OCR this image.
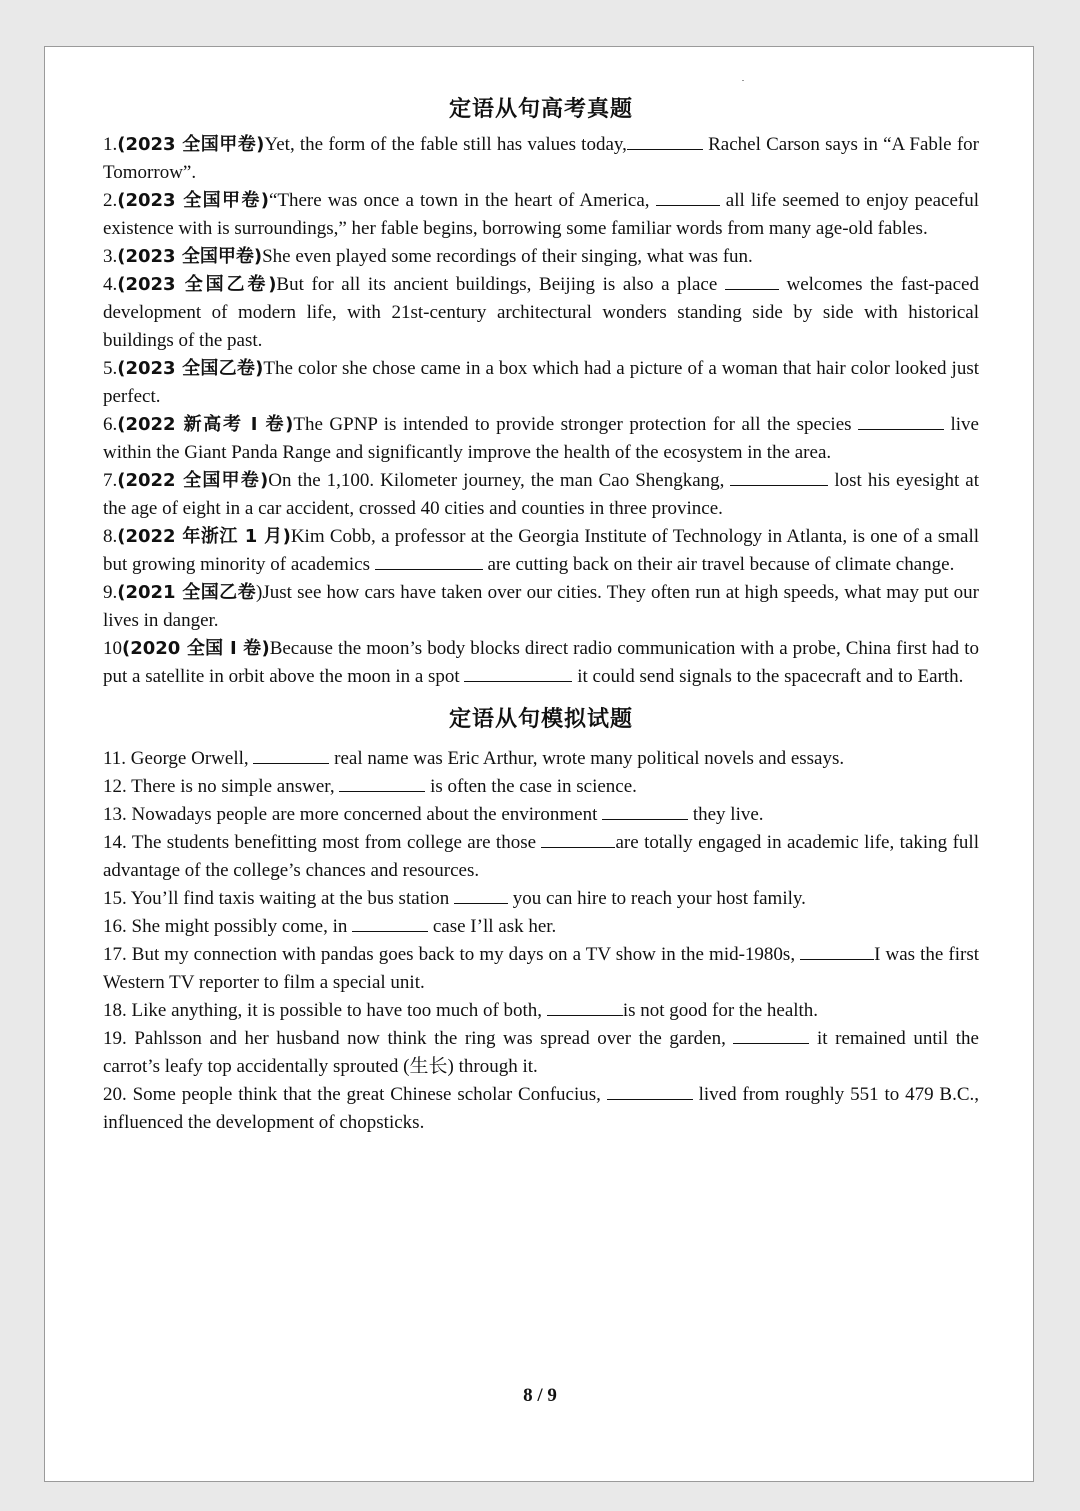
定语从句高考真题

1.(2023 全国甲卷)Yet, the form of the fable still has values today,	Rachel Carson says in “A Fable for Tomorrow”.

2.(2023 全国甲卷)“There was once a town in the heart of America,	all life seemed to enjoy peaceful existence with is surroundings,” her fable begins, borrowing some familiar words from many age-old fables.

3.(2023 全国甲卷)She even played some recordings of their singing, what was fun.

4.(2023 全国乙卷)But for all its ancient buildings, Beijing is also a place	welcomes the fast-paced development of modern life, with 21st-century architectural wonders standing side by side with historical buildings of the past.

5.(2023 全国乙卷)The color she chose came in a box which had a picture of a woman that hair color looked just perfect.

6.(2022 新高考 I 卷)The GPNP is intended to provide stronger protection for all the species	live within the Giant Panda Range and significantly improve the health of the ecosystem in the area.

7.(2022 全国甲卷)On the 1,100. Kilometer journey, the man Cao Shengkang,	lost his eyesight at the age of eight in a car accident, crossed 40 cities and counties in three province.

8.(2022 年浙江 1 月)Kim Cobb, a professor at the Georgia Institute of Technology in Atlanta, is one of a small but growing minority of academics	are cutting back on their air travel because of climate change.

9.(2021 全国乙卷)Just see how cars have taken over our cities. They often run at high speeds, what may put our lives in danger.

10(2020 全国 I 卷)Because the moon’s body blocks direct radio communication with a probe, China first had to put a satellite in orbit above the moon in a spot	it could send signals to the spacecraft and to Earth.

定语从句模拟试题

11. George Orwell,	real name was Eric Arthur, wrote many political novels and essays.

12. There is no simple answer,	is often the case in science.

13. Nowadays people are more concerned about the environment	they live.

14. The students benefitting most from college are those	are totally engaged in academic life, taking full advantage of the college’s chances and resources.

15. You’ll find taxis waiting at the bus station	you can hire to reach your host family.

16. She might possibly come, in	case I’ll ask her.

17. But my connection with pandas goes back to my days on a TV show in the mid-1980s,	I was the first Western TV reporter to film a special unit.

18. Like anything, it is possible to have too much of both,	is not good for the health.

19. Pahlsson and her husband now think the ring was spread over the garden,	it remained until the carrot’s leafy top accidentally sprouted (生长) through it.

20. Some people think that the great Chinese scholar Confucius,	lived from roughly 551 to 479 B.C., influenced the development of chopsticks.

8 / 9
